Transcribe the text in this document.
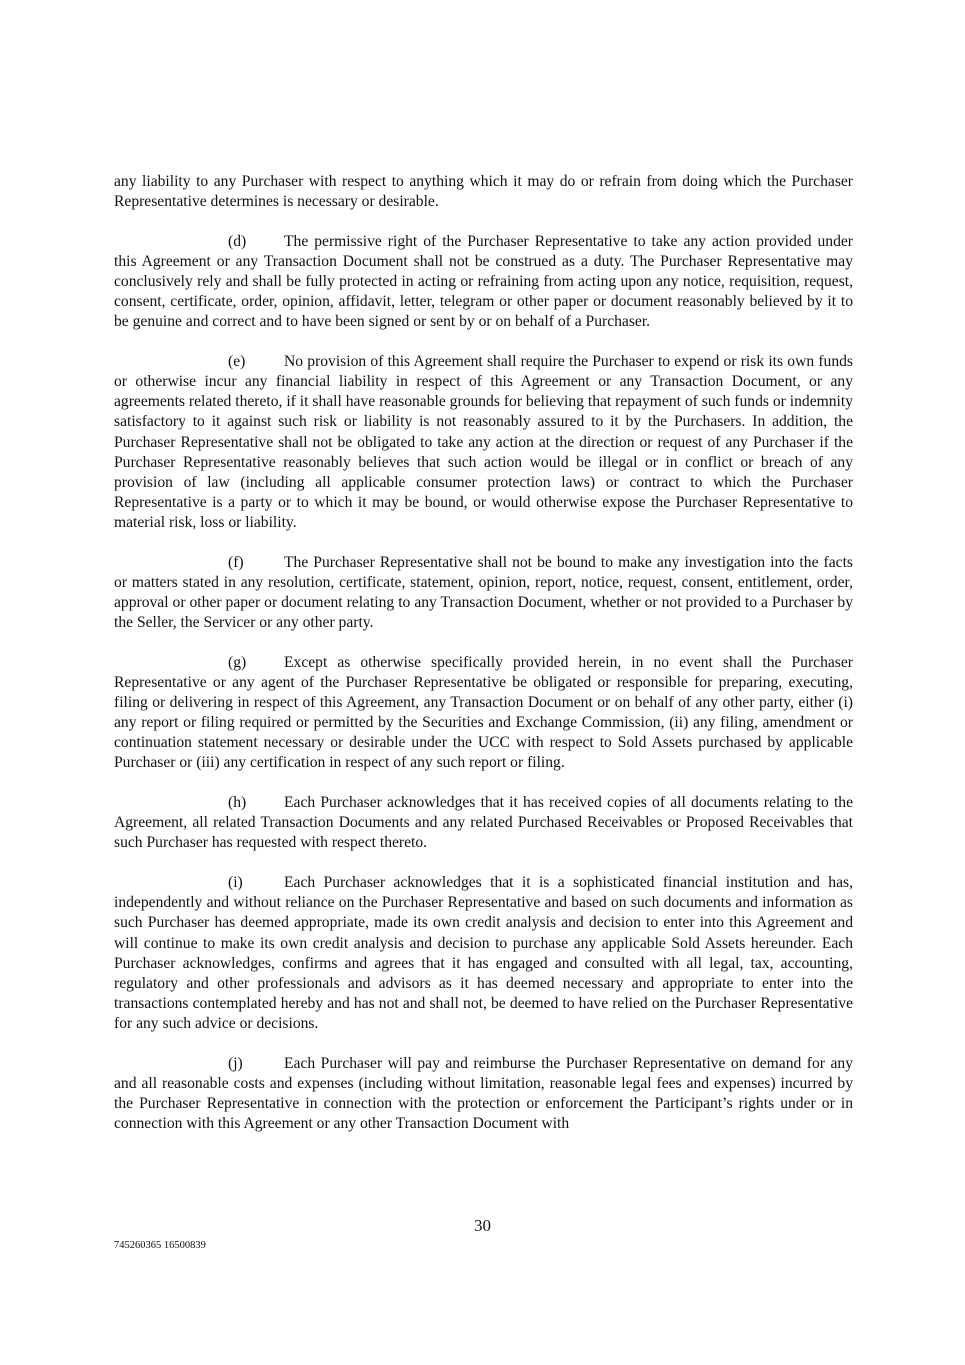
any liability to any Purchaser with respect to anything which it may do or refrain from doing which the Purchaser Representative determines is necessary or desirable.

(d) The permissive right of the Purchaser Representative to take any action provided under this Agreement or any Transaction Document shall not be construed as a duty. The Purchaser Representative may conclusively rely and shall be fully protected in acting or refraining from acting upon any notice, requisition, request, consent, certificate, order, opinion, affidavit, letter, telegram or other paper or document reasonably believed by it to be genuine and correct and to have been signed or sent by or on behalf of a Purchaser.

(e) No provision of this Agreement shall require the Purchaser to expend or risk its own funds or otherwise incur any financial liability in respect of this Agreement or any Transaction Document, or any agreements related thereto, if it shall have reasonable grounds for believing that repayment of such funds or indemnity satisfactory to it against such risk or liability is not reasonably assured to it by the Purchasers. In addition, the Purchaser Representative shall not be obligated to take any action at the direction or request of any Purchaser if the Purchaser Representative reasonably believes that such action would be illegal or in conflict or breach of any provision of law (including all applicable consumer protection laws) or contract to which the Purchaser Representative is a party or to which it may be bound, or would otherwise expose the Purchaser Representative to material risk, loss or liability.

(f)	The Purchaser Representative shall not be bound to make any investigation into the facts or matters stated in any resolution, certificate, statement, opinion, report, notice, request, consent, entitlement, order, approval or other paper or document relating to any Transaction Document, whether or not provided to a Purchaser by the Seller, the Servicer or any other party.

(g) Except as otherwise specifically provided herein, in no event shall the Purchaser Representative or any agent of the Purchaser Representative be obligated or responsible for preparing, executing, filing or delivering in respect of this Agreement, any Transaction Document or on behalf of any other party, either (i) any report or filing required or permitted by the Securities and Exchange Commission, (ii) any filing, amendment or continuation statement necessary or desirable under the UCC with respect to Sold Assets purchased by applicable Purchaser or (iii) any certification in respect of any such report or filing.

(h) Each Purchaser acknowledges that it has received copies of all documents relating to the Agreement, all related Transaction Documents and any related Purchased Receivables or Proposed Receivables that such Purchaser has requested with respect thereto.

(i)	Each Purchaser acknowledges that it is a sophisticated financial institution and has, independently and without reliance on the Purchaser Representative and based on such documents and information as such Purchaser has deemed appropriate, made its own credit analysis and decision to enter into this Agreement and will continue to make its own credit analysis and decision to purchase any applicable Sold Assets hereunder. Each Purchaser acknowledges, confirms and agrees that it has engaged and consulted with all legal, tax, accounting, regulatory and other professionals and advisors as it has deemed necessary and appropriate to enter into the transactions contemplated hereby and has not and shall not, be deemed to have relied on the Purchaser Representative for any such advice or decisions.

(j)	Each Purchaser will pay and reimburse the Purchaser Representative on demand for any and all reasonable costs and expenses (including without limitation, reasonable legal fees and expenses) incurred by the Purchaser Representative in connection with the protection or enforcement the Participant’s rights under or in connection with this Agreement or any other Transaction Document with

30
745260365 16500839
